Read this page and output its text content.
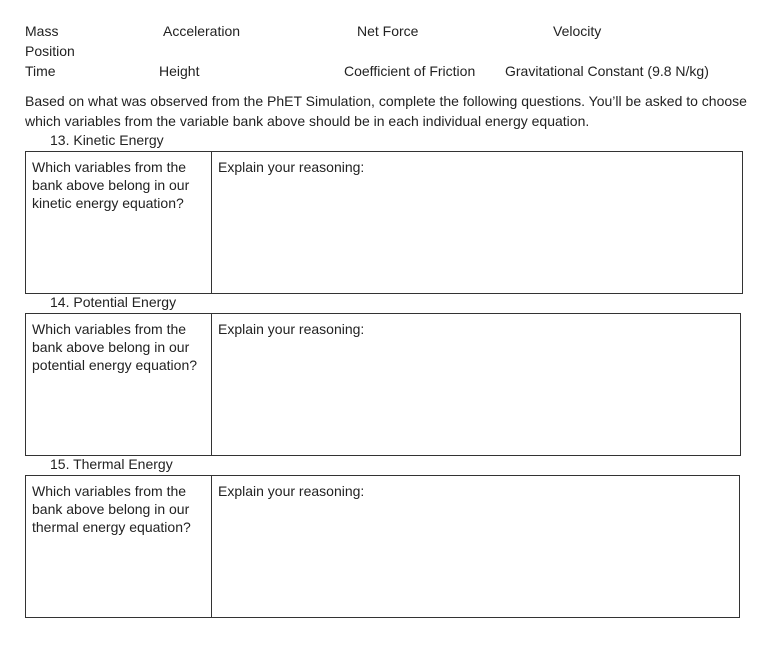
Mass	Acceleration	Net Force	Velocity
Position
Time	Height	Coefficient of Friction Gravitational Constant (9.8 N/kg)
Based on what was observed from the PhET Simulation, complete the following questions. You’ll be asked to choose which variables from the variable bank above should be in each individual energy equation.
13. Kinetic Energy
Which variables from the bank above belong in our kinetic energy equation?	Explain your reasoning:
14. Potential Energy
Which variables from the bank above belong in our potential energy equation?	Explain your reasoning:
15. Thermal Energy
Which variables from the bank above belong in our thermal energy equation?	Explain your reasoning:
